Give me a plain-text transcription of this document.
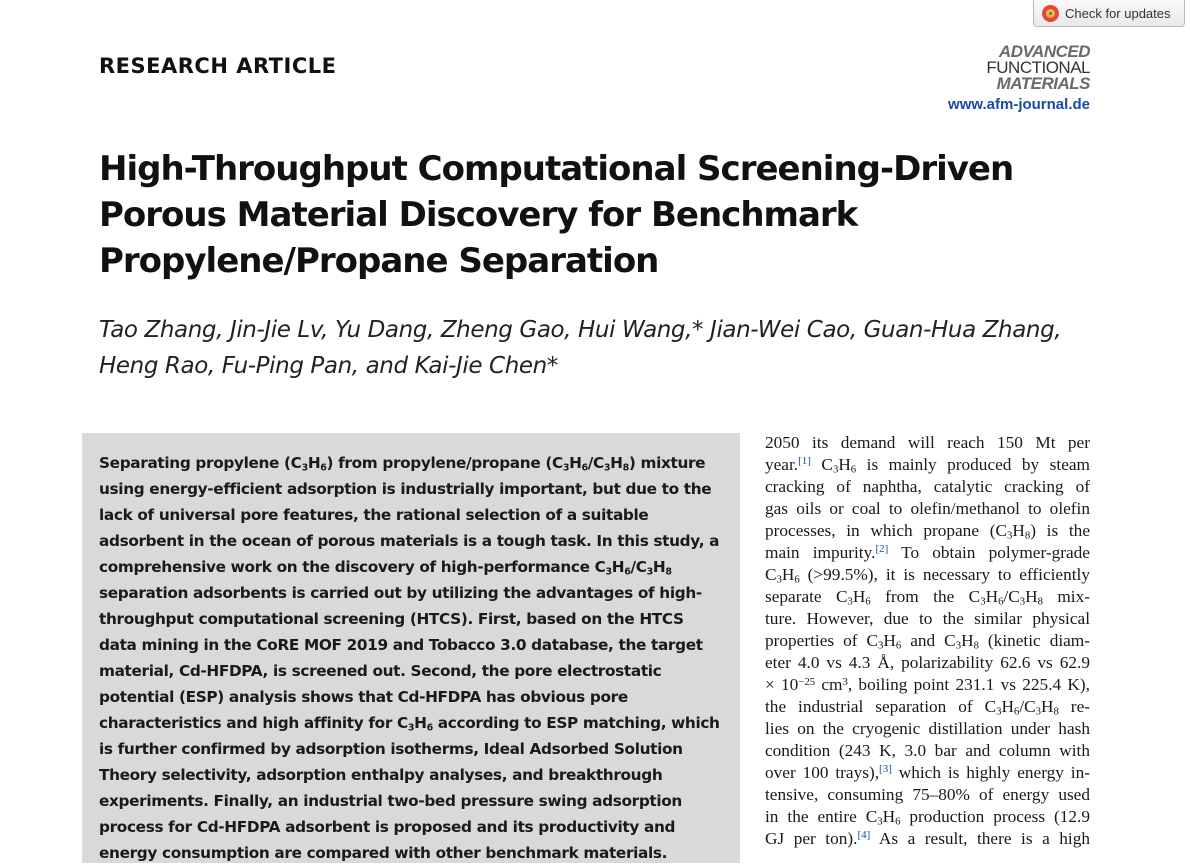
Check for updates
RESEARCH ARTICLE
ADVANCED
FUNCTIONAL
MATERIALS
www.afm-journal.de
High-Throughput Computational Screening-Driven Porous Material Discovery for Benchmark Propylene/Propane Separation

Tao Zhang, Jin-Jie Lv, Yu Dang, Zheng Gao, Hui Wang,* Jian-Wei Cao, Guan-Hua Zhang,
Heng Rao, Fu-Ping Pan, and Kai-Jie Chen*

Separating propylene $(C_3H_6)$ from propylene/propane $(C_3H_6/C_3H_8)$ mixture using energy-efficient adsorption is industrially important, but due to the lack of universal pore features, the rational selection of a suitable adsorbent in the ocean of porous materials is a tough task. In this study, a comprehensive work on the discovery of high-performance $C_3H_6/C_3H_8$ separation adsorbents is carried out by utilizing the advantages of high-throughput computational screening (HTCS). First, based on the HTCS data mining in the CoRE MOF 2019 and Tobacco 3.0 database, the target material, Cd-HFDPA, is screened out. Second, the pore electrostatic potential (ESP) analysis shows that Cd-HFDPA has obvious pore characteristics and high affinity for $C_3H_6$ according to ESP matching, which is further confirmed by adsorption isotherms, Ideal Adsorbed Solution Theory selectivity, adsorption enthalpy analyses, and breakthrough experiments. Finally, an industrial two-bed pressure swing adsorption process for Cd-HFDPA adsorbent is proposed and its productivity and energy consumption are compared with other benchmark materials.

2050 its demand will reach 150 Mt per
year.[1] $C_3H_6$ is mainly produced by steam
cracking of naphtha, catalytic cracking of
gas oils or coal to olefin/methanol to olefin
processes, in which propane $(C_3H_8)$ is the
main impurity.[2] To obtain polymer-grade
$C_3H_6$ (>99.5%), it is necessary to efficiently
separate $C_3H_6$ from the $C_3H_6/C_3H_8$ mix-
ture. However, due to the similar physical
properties of $C_3H_6$ and $C_3H_8$ (kinetic diam-
eter 4.0 vs 4.3 Å, polarizability 62.6 vs 62.9
× $10^{-25}$ $cm^3$, boiling point 231.1 vs 225.4 K),
the industrial separation of $C_3H_6/C_3H_8$ re-
lies on the cryogenic distillation under hash
condition (243 K, 3.0 bar and column with
over 100 trays),[3] which is highly energy in-
tensive, consuming 75–80% of energy used
in the entire $C_3H_6$ production process (12.9
GJ per ton).[4] As a result, there is a high
